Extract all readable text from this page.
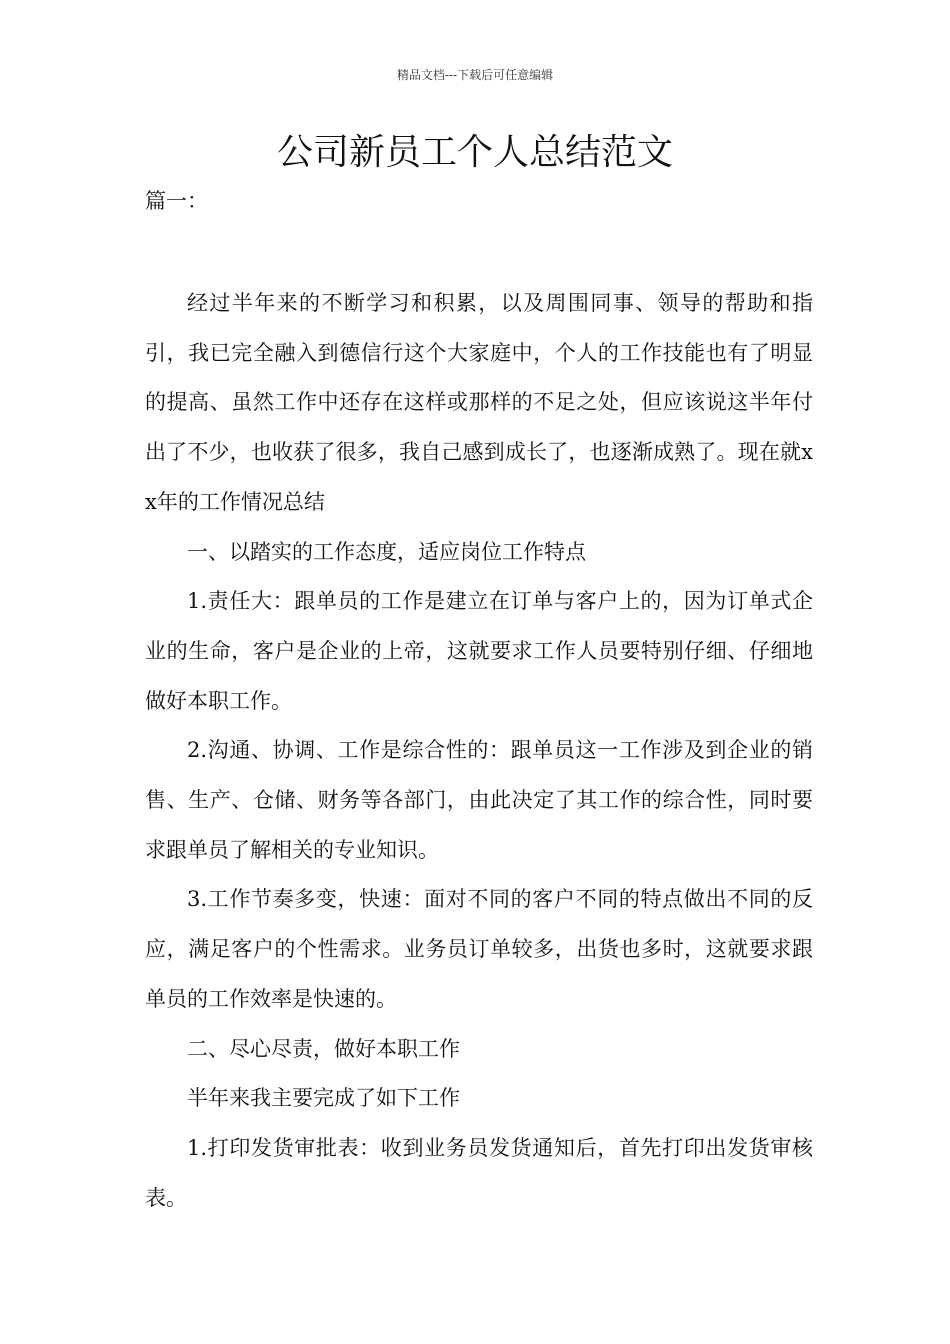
精品文档---下载后可任意编辑
公司新员工个人总结范文
篇一：

经过半年来的不断学习和积累，以及周围同事、领导的帮助和指引，我已完全融入到德信行这个大家庭中，个人的工作技能也有了明显的提高、虽然工作中还存在这样或那样的不足之处，但应该说这半年付出了不少，也收获了很多，我自己感到成长了，也逐渐成熟了。现在就xx年的工作情况总结

一、以踏实的工作态度，适应岗位工作特点

1.责任大：跟单员的工作是建立在订单与客户上的，因为订单式企业的生命，客户是企业的上帝，这就要求工作人员要特别仔细、仔细地做好本职工作。

2.沟通、协调、工作是综合性的：跟单员这一工作涉及到企业的销售、生产、仓储、财务等各部门，由此决定了其工作的综合性，同时要求跟单员了解相关的专业知识。

3.工作节奏多变，快速：面对不同的客户不同的特点做出不同的反应，满足客户的个性需求。业务员订单较多，出货也多时，这就要求跟单员的工作效率是快速的。

二、尽心尽责，做好本职工作

半年来我主要完成了如下工作

1.打印发货审批表：收到业务员发货通知后，首先打印出发货审核表。
